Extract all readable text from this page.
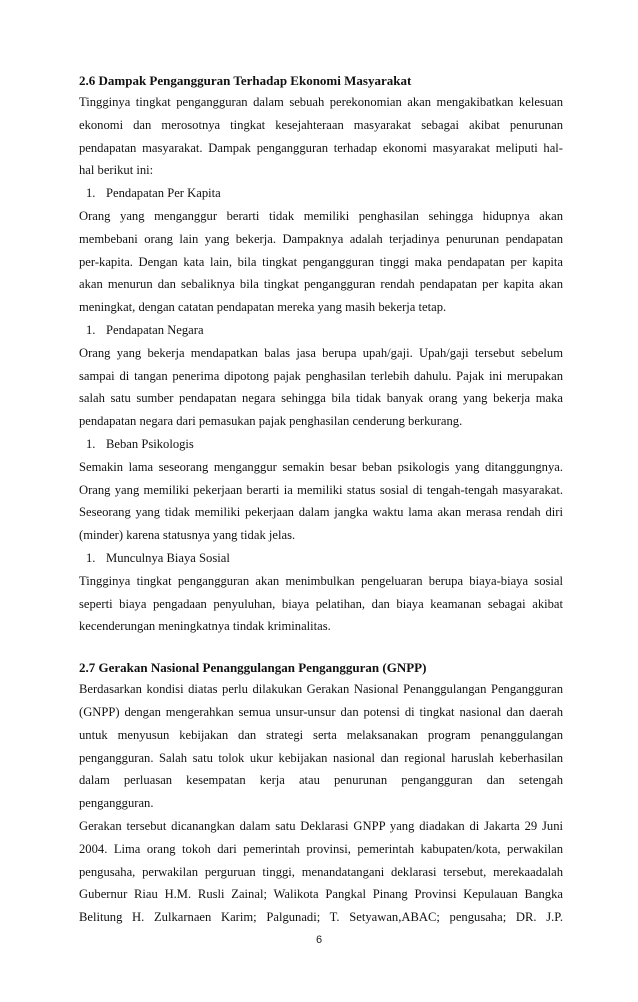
2.6 Dampak Pengangguran Terhadap Ekonomi Masyarakat

Tingginya tingkat pengangguran dalam sebuah perekonomian akan mengakibatkan kelesuan

ekonomi dan merosotnya tingkat kesejahteraan masyarakat sebagai akibat penurunan

pendapatan masyarakat. Dampak pengangguran terhadap ekonomi masyarakat meliputi hal-

hal berikut ini:

1. Pendapatan Per Kapita

Orang yang menganggur berarti tidak memiliki penghasilan sehingga hidupnya akan

membebani orang lain yang bekerja. Dampaknya adalah terjadinya penurunan pendapatan

per-kapita. Dengan kata lain, bila tingkat pengangguran tinggi maka pendapatan per kapita

akan menurun dan sebaliknya bila tingkat pengangguran rendah pendapatan per kapita akan

meningkat, dengan catatan pendapatan mereka yang masih bekerja tetap.

1. Pendapatan Negara

Orang yang bekerja mendapatkan balas jasa berupa upah/gaji. Upah/gaji tersebut sebelum

sampai di tangan penerima dipotong pajak penghasilan terlebih dahulu. Pajak ini merupakan

salah satu sumber pendapatan negara sehingga bila tidak banyak orang yang bekerja maka

pendapatan negara dari pemasukan pajak penghasilan cenderung berkurang.

1. Beban Psikologis

Semakin lama seseorang menganggur semakin besar beban psikologis yang ditanggungnya.

Orang yang memiliki pekerjaan berarti ia memiliki status sosial di tengah-tengah masyarakat.

Seseorang yang tidak memiliki pekerjaan dalam jangka waktu lama akan merasa rendah diri

(minder) karena statusnya yang tidak jelas.

1. Munculnya Biaya Sosial

Tingginya tingkat pengangguran akan menimbulkan pengeluaran berupa biaya-biaya sosial

seperti biaya pengadaan penyuluhan, biaya pelatihan, dan biaya keamanan sebagai akibat

kecenderungan meningkatnya tindak kriminalitas.

2.7 Gerakan Nasional Penanggulangan Pengangguran (GNPP)

Berdasarkan kondisi diatas perlu dilakukan Gerakan Nasional Penanggulangan Pengangguran

(GNPP) dengan mengerahkan semua unsur-unsur dan potensi di tingkat nasional dan daerah

untuk menyusun kebijakan dan strategi serta melaksanakan program penanggulangan

pengangguran. Salah satu tolok ukur kebijakan nasional dan regional haruslah keberhasilan

dalam perluasan kesempatan kerja atau penurunan pengangguran dan setengah

pengangguran.

Gerakan tersebut dicanangkan dalam satu Deklarasi GNPP yang diadakan di Jakarta 29 Juni

2004. Lima orang tokoh dari pemerintah provinsi, pemerintah kabupaten/kota, perwakilan

pengusaha, perwakilan perguruan tinggi, menandatangani deklarasi tersebut, merekaadalah

Gubernur Riau H.M. Rusli Zainal; Walikota Pangkal Pinang Provinsi Kepulauan Bangka

Belitung H. Zulkarnaen Karim; Palgunadi; T. Setyawan,ABAC; pengusaha; DR. J.P.

6
